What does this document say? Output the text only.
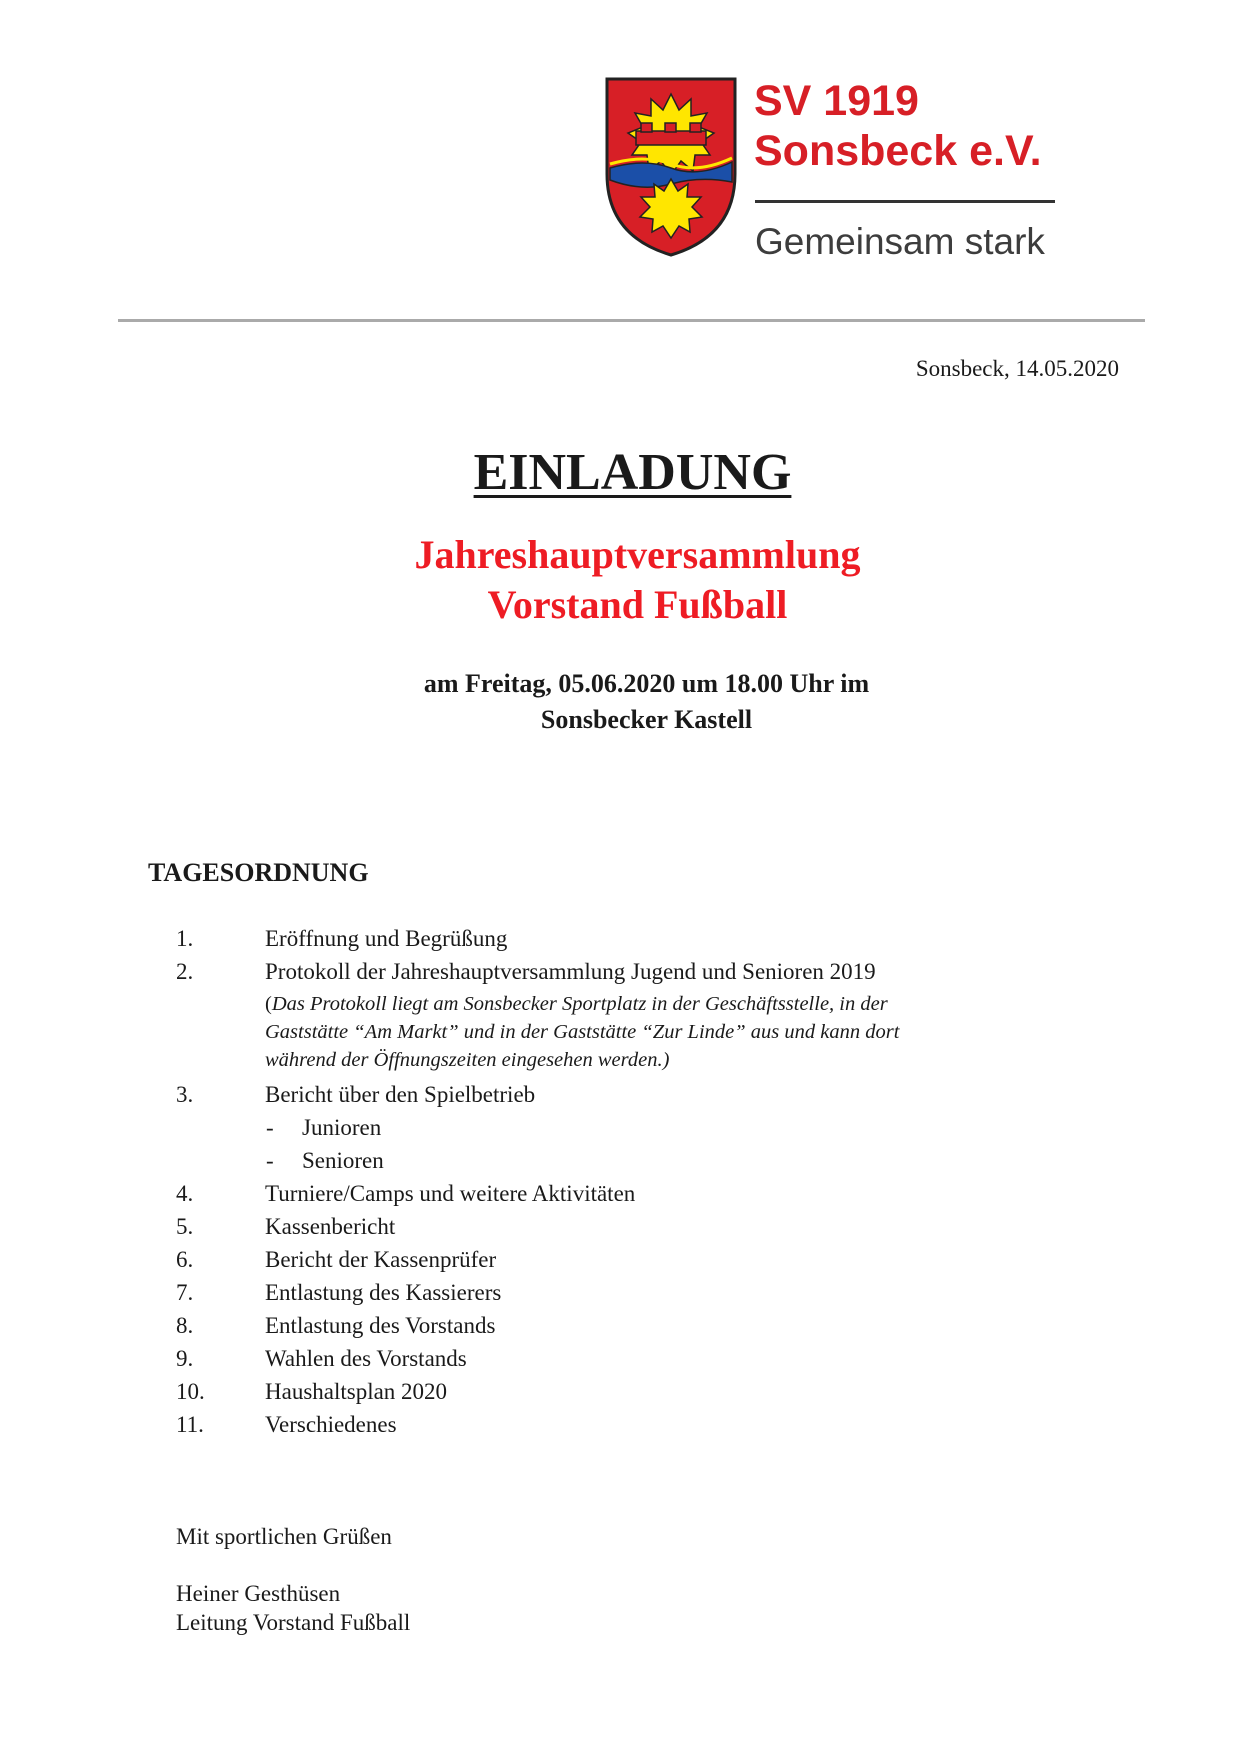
SV 1919
Sonsbeck e.V.
Gemeinsam stark
Sonsbeck, 14.05.2020
EINLADUNG
Jahreshauptversammlung
Vorstand Fußball
am Freitag, 05.06.2020 um 18.00 Uhr im
Sonsbecker Kastell
TAGESORDNUNG
1.	Eröffnung und Begrüßung
2.	Protokoll der Jahreshauptversammlung Jugend und Senioren 2019

(Das Protokoll liegt am Sonsbecker Sportplatz in der Geschäftsstelle, in der

Gaststätte “Am Markt” und in der Gaststätte “Zur Linde” aus und kann dort

während der Öffnungszeiten eingesehen werden.)

3.	Bericht über den Spielbetrieb
- Junioren
- Senioren
4.	Turniere/Camps und weitere Aktivitäten
5.	Kassenbericht
6.	Bericht der Kassenprüfer
7.	Entlastung des Kassierers
8.	Entlastung des Vorstands
9.	Wahlen des Vorstands
10.	Haushaltsplan 2020
11.	Verschiedenes
Mit sportlichen Grüßen
Heiner Gesthüsen
Leitung Vorstand Fußball
